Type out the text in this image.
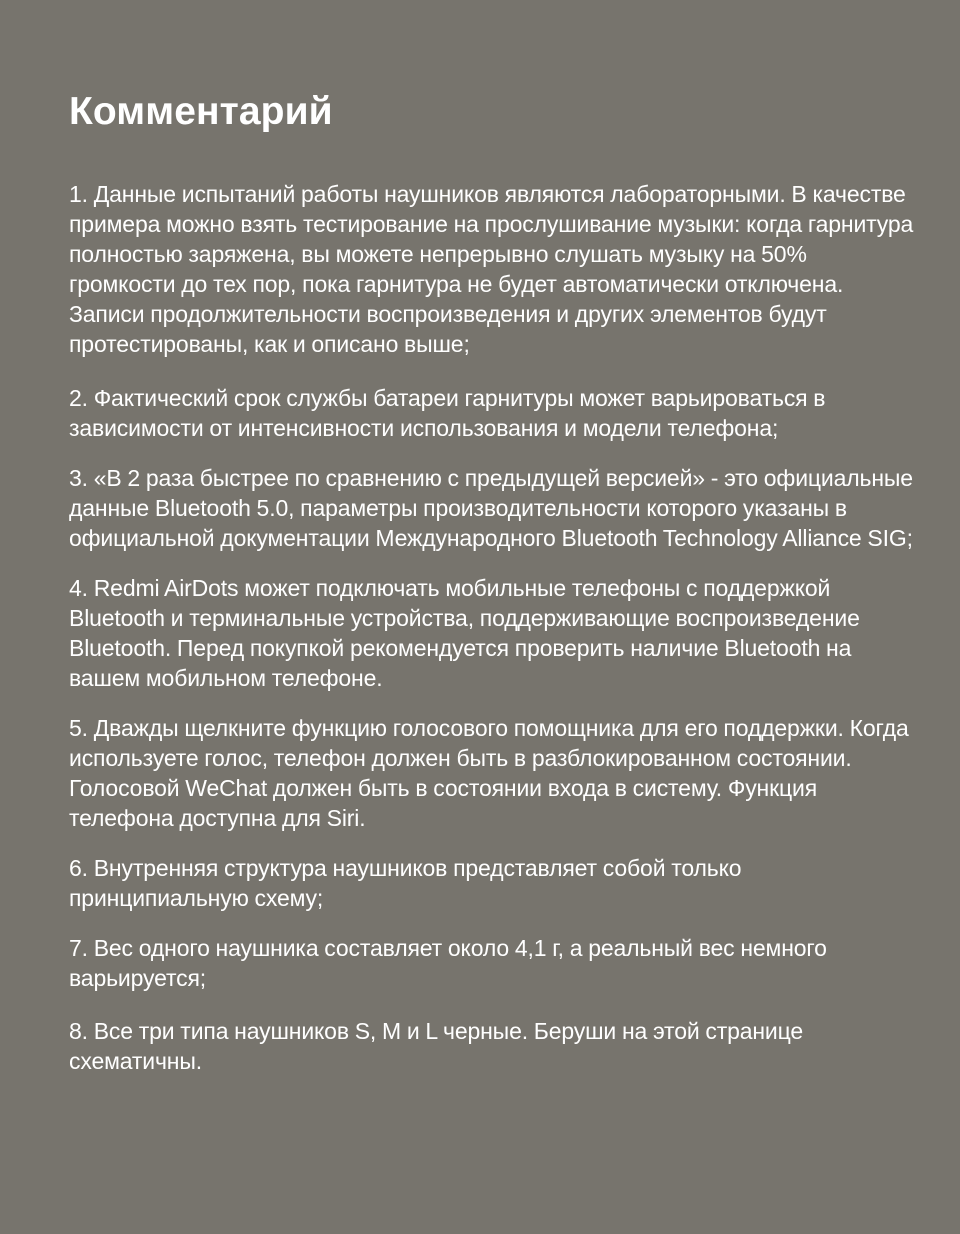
Комментарий
1. Данные испытаний работы наушников являются лабораторными. В качестве примера можно взять тестирование на прослушивание музыки: когда гарнитура полностью заряжена, вы можете непрерывно слушать музыку на 50% громкости до тех пор, пока гарнитура не будет автоматически отключена. Записи продолжительности воспроизведения и других элементов будут протестированы, как и описано выше;
2. Фактический срок службы батареи гарнитуры может варьироваться в зависимости от интенсивности использования и модели телефона;
3. «В 2 раза быстрее по сравнению с предыдущей версией» - это официальные данные Bluetooth 5.0, параметры производительности которого указаны в официальной документации Международного Bluetooth Technology Alliance SIG;
4. Redmi AirDots может подключать мобильные телефоны с поддержкой Bluetooth и терминальные устройства, поддерживающие воспроизведение Bluetooth. Перед покупкой рекомендуется проверить наличие Bluetooth на вашем мобильном телефоне.
5. Дважды щелкните функцию голосового помощника для его поддержки. Когда используете голос, телефон должен быть в разблокированном состоянии. Голосовой WeChat должен быть в состоянии входа в систему. Функция телефона доступна для Siri.
6. Внутренняя структура наушников представляет собой только принципиальную схему;
7. Вес одного наушника составляет около 4,1 г, а реальный вес немного варьируется;
8. Все три типа наушников S, M и L черные. Беруши на этой странице схематичны.
